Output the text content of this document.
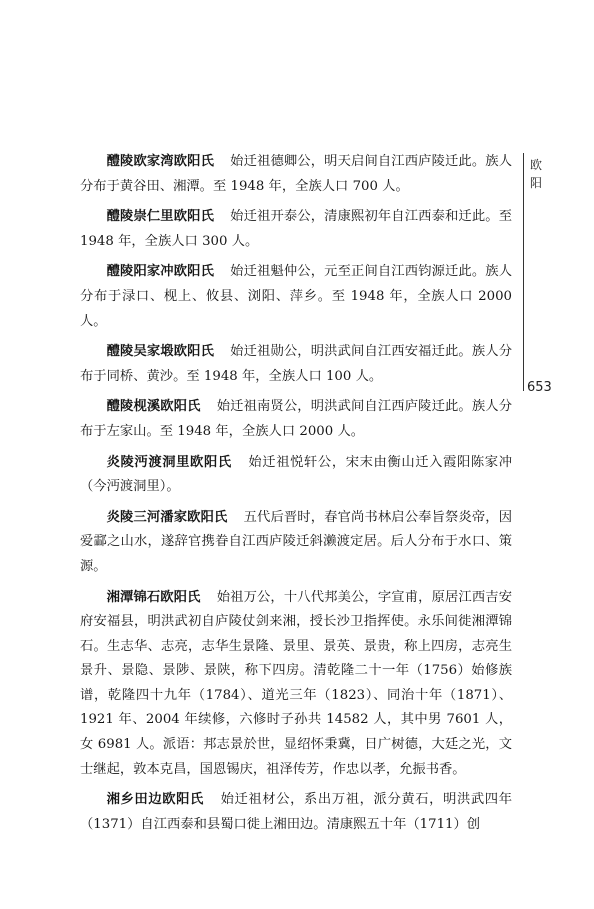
欧阳
653

醴陵欧家湾欧阳氏 始迁祖德卿公，明天启间自江西庐陵迁此。族人分布于黄谷田、湘潭。至 1948 年，全族人口 700 人。

醴陵崇仁里欧阳氏 始迁祖开泰公，清康熙初年自江西泰和迁此。至 1948 年，全族人口 300 人。

醴陵阳家冲欧阳氏 始迁祖魁仲公，元至正间自江西钧源迁此。族人分布于渌口、枧上、攸县、浏阳、萍乡。至 1948 年，全族人口 2000 人。

醴陵吴家塅欧阳氏 始迁祖勋公，明洪武间自江西安福迁此。族人分布于同桥、黄沙。至 1948 年，全族人口 100 人。

醴陵枧溪欧阳氏 始迁祖南贤公，明洪武间自江西庐陵迁此。族人分布于左家山。至 1948 年，全族人口 2000 人。

炎陵沔渡洞里欧阳氏 始迁祖悦轩公，宋末由衡山迁入霞阳陈家冲（今沔渡洞里）。

炎陵三河潘家欧阳氏 五代后晋时，春官尚书林启公奉旨祭炎帝，因爱酃之山水，遂辞官携眷自江西庐陵迁斜濑渡定居。后人分布于水口、策源。

湘潭锦石欧阳氏 始祖万公，十八代邦美公，字宣甫，原居江西吉安府安福县，明洪武初自庐陵仗剑来湘，授长沙卫指挥使。永乐间徙湘潭锦石。生志华、志亮，志华生景隆、景里、景英、景贵，称上四房，志亮生景升、景隐、景陟、景陕，称下四房。清乾隆二十一年（1756）始修族谱，乾隆四十九年（1784）、道光三年（1823）、同治十年（1871）、1921 年、2004 年续修，六修时子孙共 14582 人，其中男 7601 人，女 6981 人。派语：邦志景於世，显绍怀秉冀，日广树德，大廷之光，文士继起，敦本克昌，国恩锡庆，祖泽传芳，作忠以孝，允振书香。

湘乡田边欧阳氏 始迁祖材公，系出万祖，派分黄石，明洪武四年（1371）自江西泰和县蜀口徙上湘田边。清康熙五十年（1711）创
